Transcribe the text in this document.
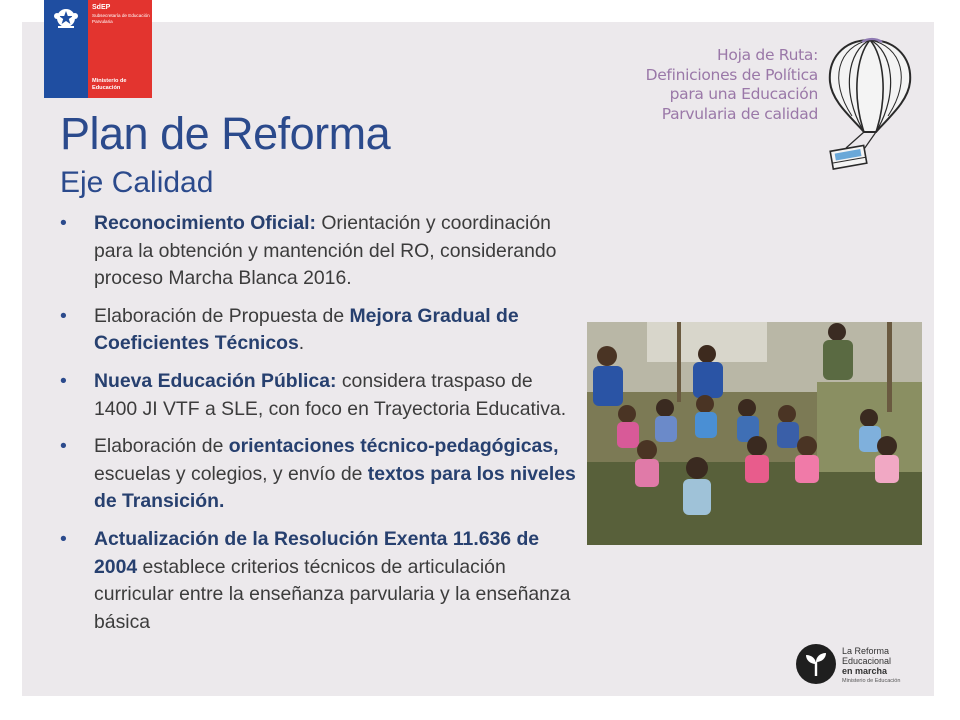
SdEP
Subsecretaría de Educación Parvularia
Ministerio de Educación
Hoja de Ruta:
Definiciones de Política
para una Educación
Parvularia de calidad
Plan de Reforma
Eje Calidad
• Reconocimiento Oficial: Orientación y coordinación para la obtención y mantención del RO, considerando proceso Marcha Blanca 2016.
• Elaboración de Propuesta de Mejora Gradual de Coeficientes Técnicos.
• Nueva Educación Pública: considera traspaso de 1400 JI VTF a SLE, con foco en Trayectoria Educativa.
• Elaboración de orientaciones técnico-pedagógicas, escuelas y colegios, y envío de textos para los niveles de Transición.
• Actualización de la Resolución Exenta 11.636 de 2004 establece criterios técnicos de articulación curricular entre la enseñanza parvularia y la enseñanza básica
La Reforma Educacional
en marcha
Ministerio de Educación
